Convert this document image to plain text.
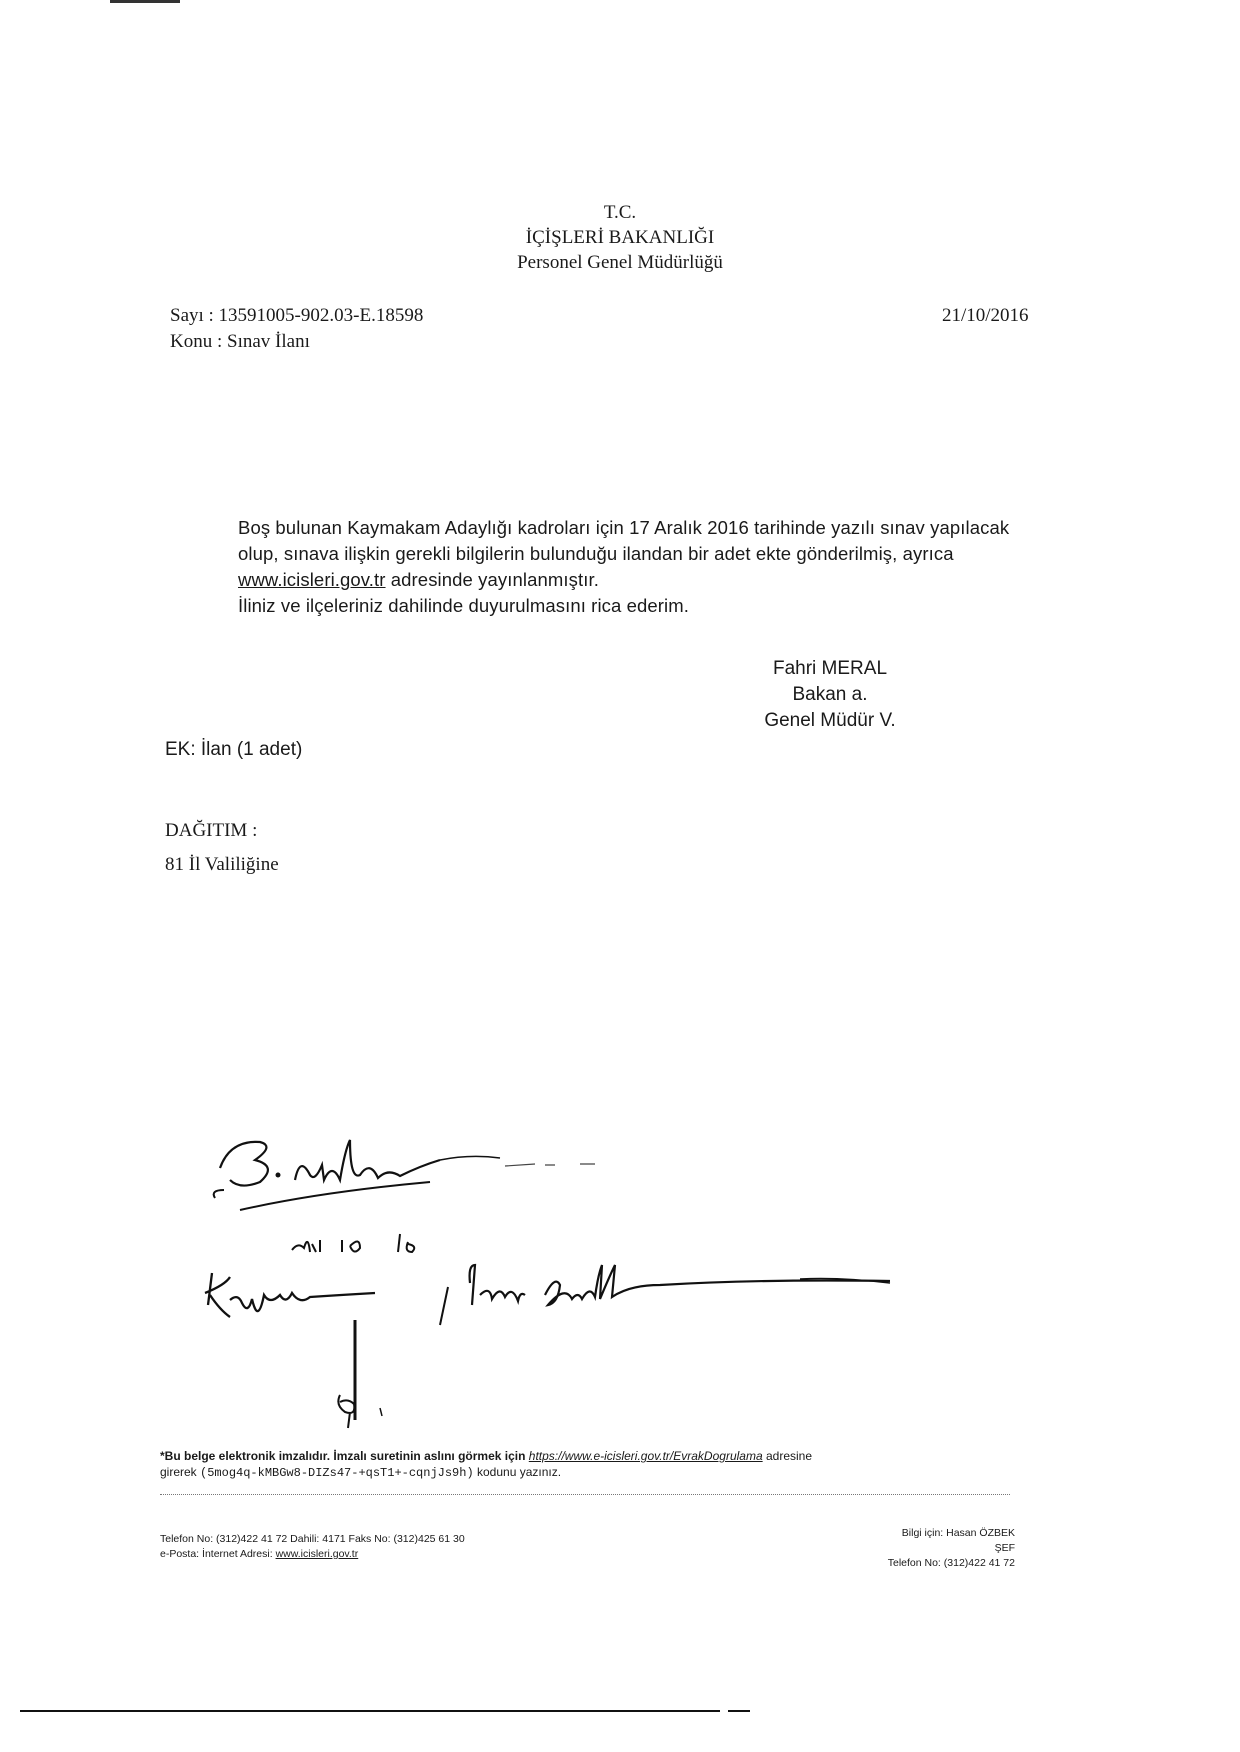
T.C.
İÇİŞLERİ BAKANLIĞI
Personel Genel Müdürlüğü
Sayı : 13591005-902.03-E.18598
Konu : Sınav İlanı
21/10/2016

Boş bulunan Kaymakam Adaylığı kadroları için 17 Aralık 2016 tarihinde yazılı sınav yapılacak olup, sınava ilişkin gerekli bilgilerin bulunduğu ilandan bir adet ekte gönderilmiş, ayrıca www.icisleri.gov.tr adresinde yayınlanmıştır.

İliniz ve ilçeleriniz dahilinde duyurulmasını rica ederim.

Fahri MERAL
Bakan a.
Genel Müdür V.
EK: İlan (1 adet)
DAĞITIM :
81 İl Valiliğine
*Bu belge elektronik imzalıdır. İmzalı suretinin aslını görmek için https://www.e-icisleri.gov.tr/EvrakDogrulama adresine
girerek (5mog4q-kMBGw8-DIZs47-+qsT1+-cqnjJs9h) kodunu yazınız.
Telefon No: (312)422 41 72 Dahili: 4171 Faks No: (312)425 61 30
e-Posta: İnternet Adresi: www.icisleri.gov.tr
Bilgi için: Hasan ÖZBEK
ŞEF
Telefon No: (312)422 41 72
